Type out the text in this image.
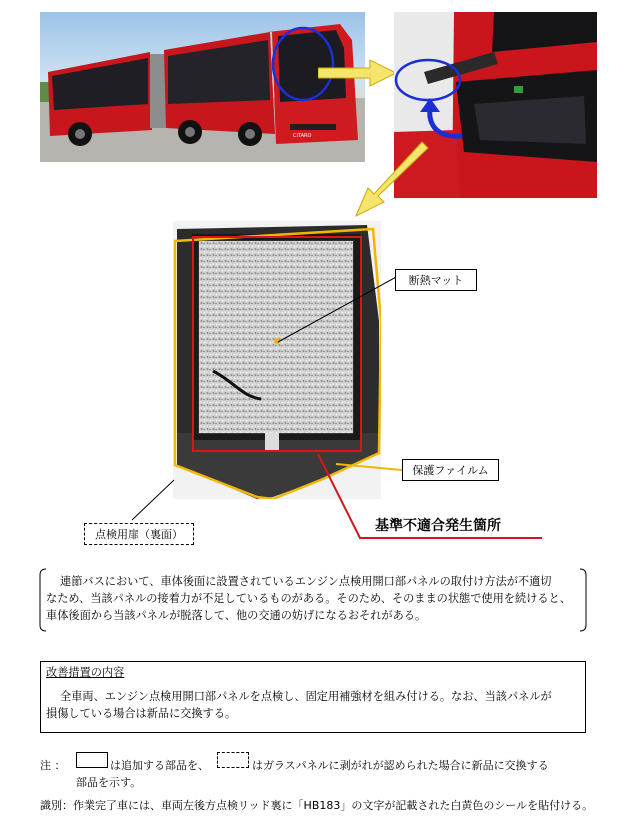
CITARO
断熱マット
保護ファイルム
点検用扉（裏面）
基準不適合発生箇所
連節バスにおいて、車体後面に設置されているエンジン点検用開口部パネルの取付け方法が不適切
なため、当該パネルの接着力が不足しているものがある。そのため、そのままの状態で使用を続けると、
車体後面から当該パネルが脱落して、他の交通の妨げになるおそれがある。
改善措置の内容
全車両、エンジン点検用開口部パネルを点検し、固定用補強材を組み付ける。なお、当該パネルが
損傷している場合は新品に交換する。
注 ：	は追加する部品を、	はガラスパネルに剥がれが認められた場合に新品に交換する
部品を示す。
識別：作業完了車には、車両左後方点検リッド裏に「HB183」の文字が記載された白黄色のシールを貼付ける。
